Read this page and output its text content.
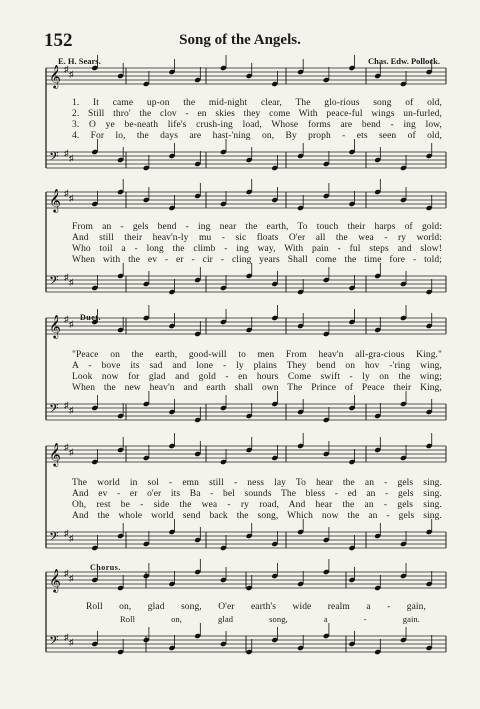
152	Song of the Angels.
E. H. Sears.	Chas. Edw. Pollock.
𝄞 ♯ ♯
𝄢 ♯ ♯
𝄞 ♯ ♯
𝄢 ♯ ♯
𝄞 ♯ ♯
𝄢 ♯ ♯
𝄞 ♯ ♯
𝄢 ♯ ♯
𝄞 ♯ ♯
𝄢 ♯ ♯
1. It came up-on the mid-night clear, The glo-rious song of old,
2. Still thro' the clov - en skies they come With peace-ful wings un-furled,
3. O ye be-neath life's crush-ing load, Whose forms are bend - ing low,
4. For lo, the days are hast-'ning on, By proph - ets seen of old,
From an - gels bend - ing near the earth, To touch their harps of gold:
And still their heav'n-ly mu - sic floats O'er all the wea - ry world:
Who toil a - long the climb - ing way, With pain - ful steps and slow!
When with the ev - er - cir - cling years Shall come the time fore - told;
Duet.
"Peace on the earth, good-will to men From heav'n all-gra-cious King."
A - bove its sad and lone - ly plains They bend on hov -'ring wing,
Look now for glad and gold - en hours Come swift - ly on the wing;
When the new heav'n and earth shall own The Prince of Peace their King,
The world in sol - emn still - ness lay To hear the an - gels sing.
And ev - er o'er its Ba - bel sounds The bless - ed an - gels sing.
Oh, rest be - side the wea - ry road, And hear the an - gels sing.
And the whole world send back the song, Which now the an - gels sing.
Chorus.
Roll on, glad song, O'er earth's wide realm a - gain,
Roll on, glad song, a - gain.
